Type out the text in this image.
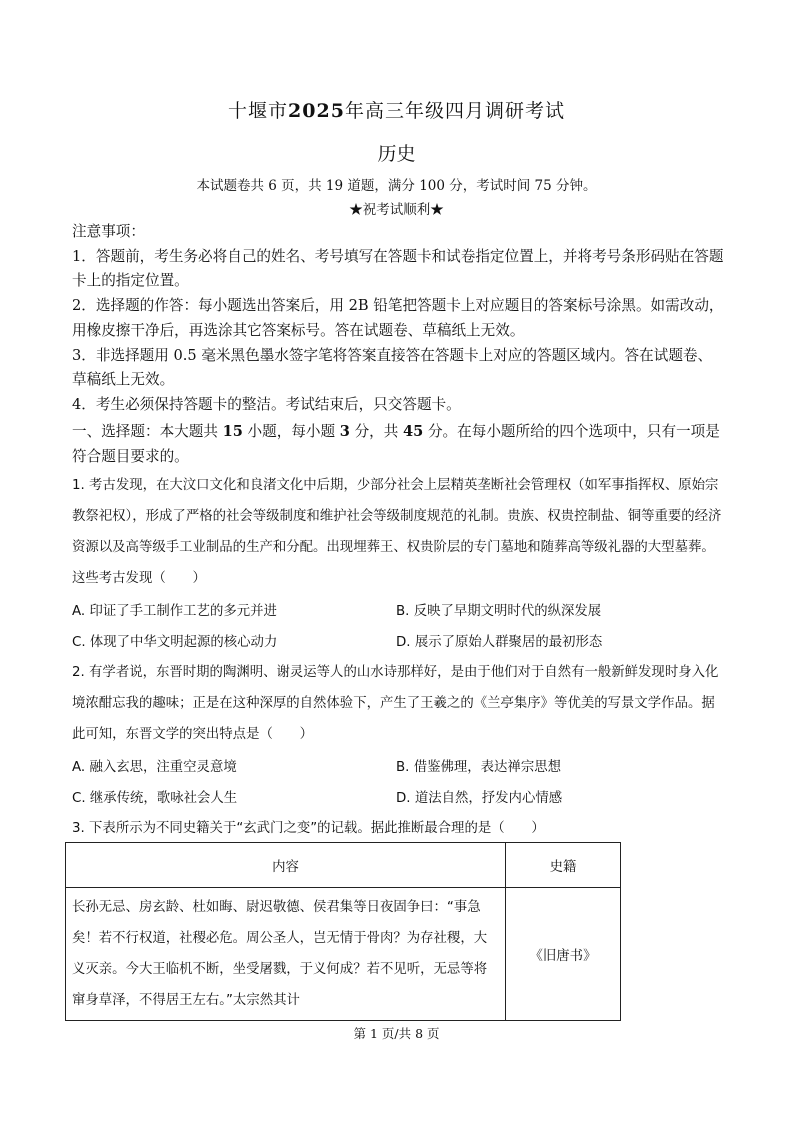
十堰市2025年高三年级四月调研考试
历史
本试题卷共 6 页，共 19 道题，满分 100 分，考试时间 75 分钟。
★祝考试顺利★

注意事项：

1．答题前，考生务必将自己的姓名、考号填写在答题卡和试卷指定位置上，并将考号条形码贴在答题卡上的指定位置。

2．选择题的作答：每小题选出答案后，用 2B 铅笔把答题卡上对应题目的答案标号涂黑。如需改动，用橡皮擦干净后，再选涂其它答案标号。答在试题卷、草稿纸上无效。

3．非选择题用 0.5 毫米黑色墨水签字笔将答案直接答在答题卡上对应的答题区域内。答在试题卷、草稿纸上无效。

4．考生必须保持答题卡的整洁。考试结束后，只交答题卡。

一、选择题：本大题共 15 小题，每小题 3 分，共 45 分。在每小题所给的四个选项中，只有一项是符合题目要求的。
1. 考古发现，在大汶口文化和良渚文化中后期，少部分社会上层精英垄断社会管理权（如军事指挥权、原始宗教祭祀权），形成了严格的社会等级制度和维护社会等级制度规范的礼制。贵族、权贵控制盐、铜等重要的经济资源以及高等级手工业制品的生产和分配。出现埋葬王、权贵阶层的专门墓地和随葬高等级礼器的大型墓葬。这些考古发现（　　）
A. 印证了手工制作工艺的多元并进	B. 反映了早期文明时代的纵深发展
C. 体现了中华文明起源的核心动力	D. 展示了原始人群聚居的最初形态
2. 有学者说，东晋时期的陶渊明、谢灵运等人的山水诗那样好，是由于他们对于自然有一般新鲜发现时身入化境浓酣忘我的趣味；正是在这种深厚的自然体验下，产生了王羲之的《兰亭集序》等优美的写景文学作品。据此可知，东晋文学的突出特点是（　　）
A. 融入玄思，注重空灵意境	B. 借鉴佛理，表达禅宗思想
C. 继承传统，歌咏社会人生	D. 道法自然，抒发内心情感
3. 下表所示为不同史籍关于“玄武门之变”的记载。据此推断最合理的是（　　）
内容	史籍
长孙无忌、房玄龄、杜如晦、尉迟敬德、侯君集等日夜固争曰：“事急矣！若不行权道，社稷必危。周公圣人，岂无情于骨肉？为存社稷，大义灭亲。今大王临机不断，坐受屠戮，于义何成？若不见听，无忌等将窜身草泽，不得居王左右。”太宗然其计	《旧唐书》
第 1 页/共 8 页
